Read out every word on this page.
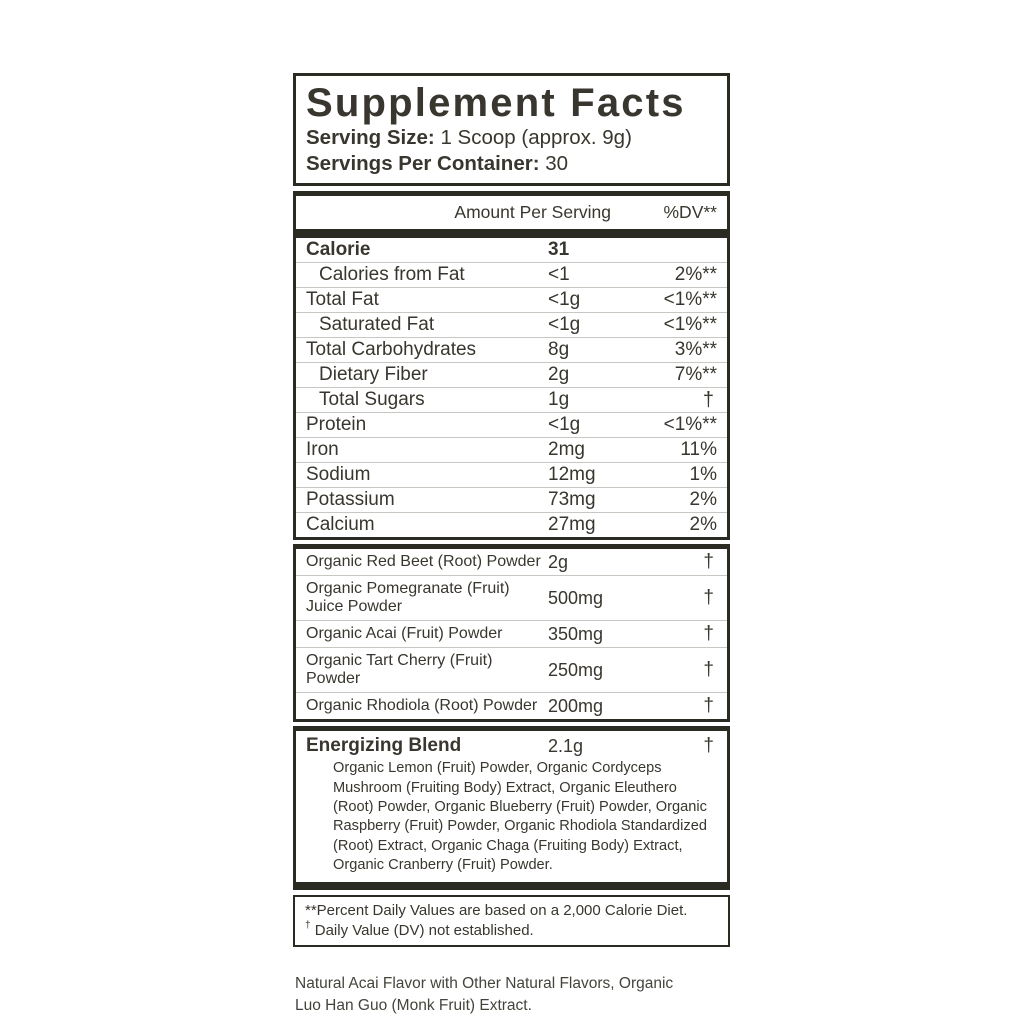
Supplement Facts

Serving Size: 1 Scoop (approx. 9g)

Servings Per Container: 30

Amount Per Serving	%DV**
Calorie	31
Calories from Fat	<1	2%**
Total Fat	<1g	<1%**
Saturated Fat	<1g	<1%**
Total Carbohydrates	8g	3%**
Dietary Fiber	2g	7%**
Total Sugars	1g	†
Protein	<1g	<1%**
Iron	2mg	11%
Sodium	12mg	1%
Potassium	73mg	2%
Calcium	27mg	2%
Organic Red Beet (Root) Powder 2g	†
Organic Pomegranate (Fruit) Juice Powder	500mg	†
Organic Acai (Fruit) Powder	350mg	†
Organic Tart Cherry (Fruit) Powder	250mg	†
Organic Rhodiola (Root) Powder 200mg	†
Energizing Blend	2.1g	†

Organic Lemon (Fruit) Powder, Organic Cordyceps Mushroom (Fruiting Body) Extract, Organic Eleuthero (Root) Powder, Organic Blueberry (Fruit) Powder, Organic Raspberry (Fruit) Powder, Organic Rhodiola Standardized (Root) Extract, Organic Chaga (Fruiting Body) Extract, Organic Cranberry (Fruit) Powder.

**Percent Daily Values are based on a 2,000 Calorie Diet.

† Daily Value (DV) not established.

Natural Acai Flavor with Other Natural Flavors, Organic Luo Han Guo (Monk Fruit) Extract.
